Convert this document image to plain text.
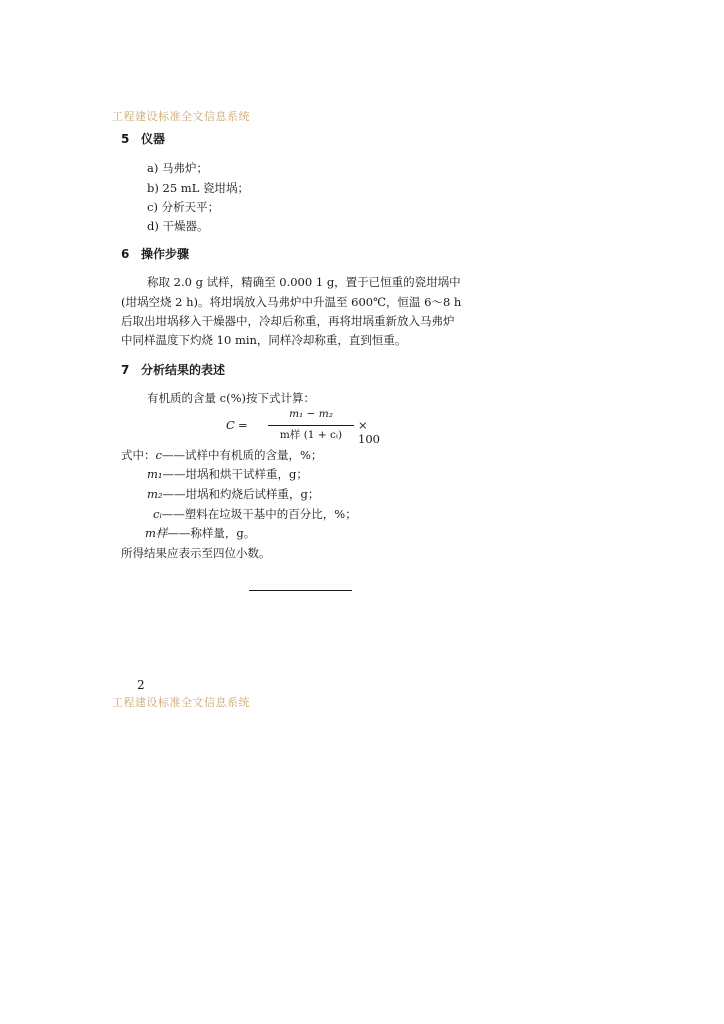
工程建设标准全文信息系统
5 仪器
a) 马弗炉；
b) 25 mL 瓷坩埚；
c) 分析天平；
d) 干燥器。
6 操作步骤
称取 2.0 g 试样，精确至 0.000 1 g，置于已恒重的瓷坩埚中
(坩埚空烧 2 h)。将坩埚放入马弗炉中升温至 600℃，恒温 6～8 h
后取出坩埚移入干燥器中，冷却后称重，再将坩埚重新放入马弗炉
中同样温度下灼烧 10 min，同样冷却称重，直到恒重。
7 分析结果的表述
有机质的含量 c(%)按下式计算：
C =
m₁ − m₂
m样 (1 + cᵢ)
× 100
式中：c——试样中有机质的含量，%；
m₁——坩埚和烘干试样重，g；
m₂——坩埚和灼烧后试样重，g；
cᵢ——塑料在垃圾干基中的百分比，%；
m样——称样量，g。
所得结果应表示至四位小数。
2
工程建设标准全文信息系统
